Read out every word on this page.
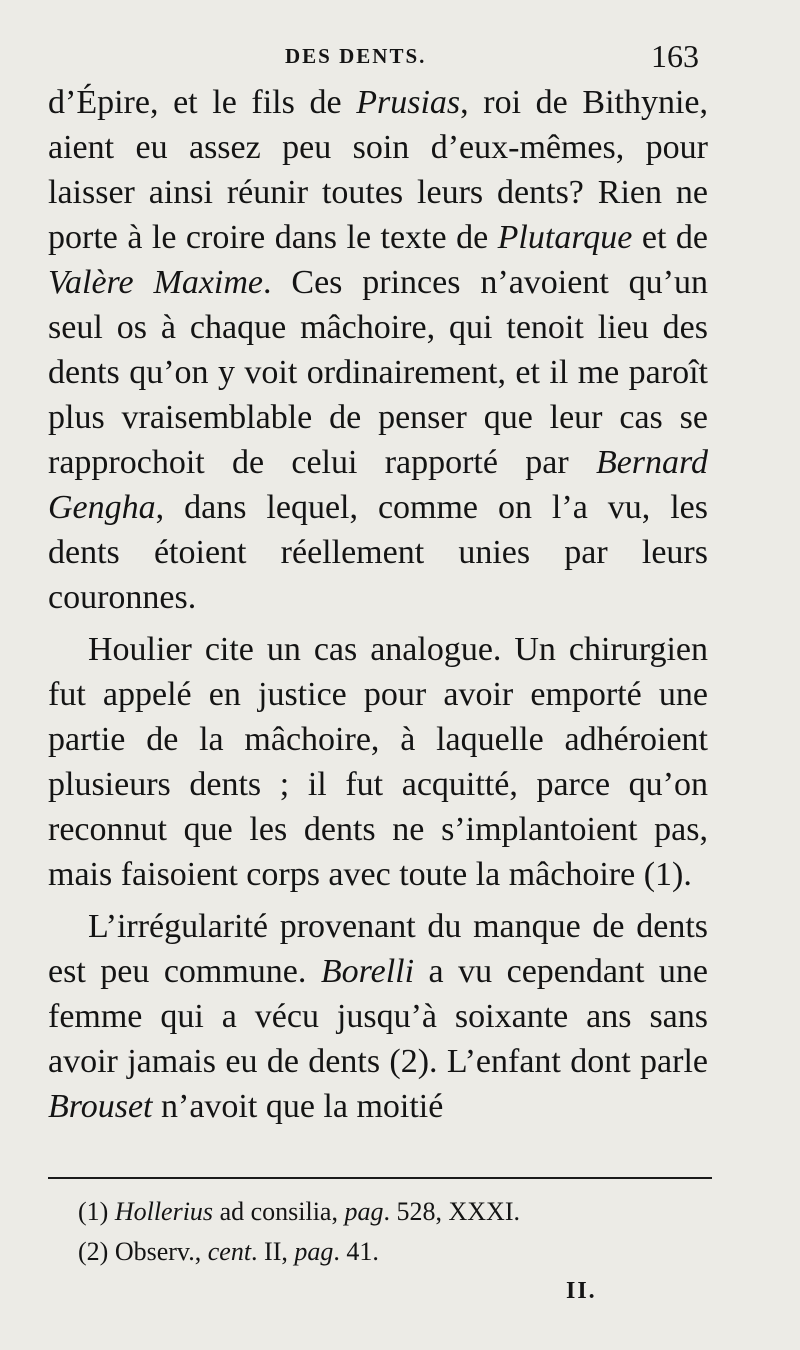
DES DENTS.	163

d’Épire, et le fils de Prusias, roi de Bithynie, aient eu assez peu soin d’eux-mêmes, pour laisser ainsi réunir toutes leurs dents? Rien ne porte à le croire dans le texte de Plutarque et de Valère Maxime. Ces princes n’avoient qu’un seul os à chaque mâchoire, qui tenoit lieu des dents qu’on y voit ordinairement, et il me paroît plus vraisemblable de penser que leur cas se rapprochoit de celui rapporté par Bernard Gengha, dans lequel, comme on l’a vu, les dents étoient réellement unies par leurs couronnes.

Houlier cite un cas analogue. Un chirurgien fut appelé en justice pour avoir emporté une partie de la mâchoire, à laquelle adhéroient plusieurs dents ; il fut acquitté, parce qu’on reconnut que les dents ne s’implantoient pas, mais faisoient corps avec toute la mâchoire (1).

L’irrégularité provenant du manque de dents est peu commune. Borelli a vu cependant une femme qui a vécu jusqu’à soixante ans sans avoir jamais eu de dents (2). L’enfant dont parle Brouset n’avoit que la moitié

(1) Hollerius ad consilia, pag. 528, XXXI.
(2) Observ., cent. II, pag. 41.
II.
